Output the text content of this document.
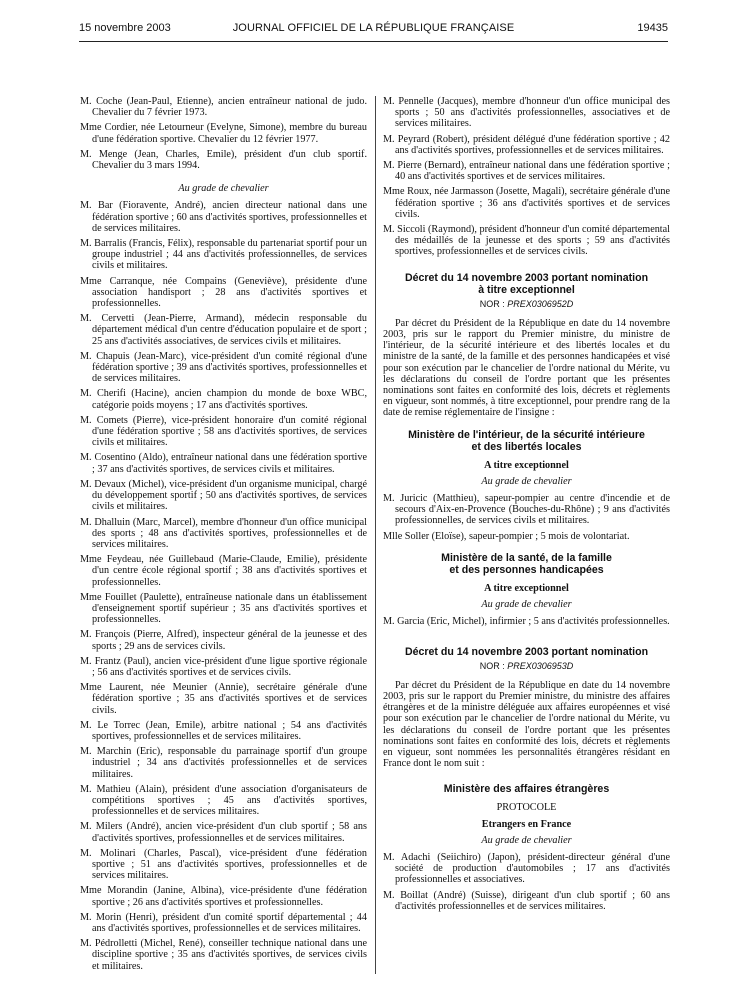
15 novembre 2003	JOURNAL OFFICIEL DE LA RÉPUBLIQUE FRANÇAISE	19435

M. Coche (Jean-Paul, Etienne), ancien entraîneur national de judo. Chevalier du 7 février 1973.

Mme Cordier, née Letourneur (Evelyne, Simone), membre du bureau d'une fédération sportive. Chevalier du 12 février 1977.

M. Menge (Jean, Charles, Emile), président d'un club sportif. Chevalier du 3 mars 1994.

Au grade de chevalier

M. Bar (Fioravente, André), ancien directeur national dans une fédération sportive ; 60 ans d'activités sportives, professionnelles et de services militaires.

M. Barralis (Francis, Félix), responsable du partenariat sportif pour un groupe industriel ; 44 ans d'activités professionnelles, de services civils et militaires.

Mme Carranque, née Compains (Geneviève), présidente d'une association handisport ; 28 ans d'activités sportives et professionnelles.

M. Cervetti (Jean-Pierre, Armand), médecin responsable du département médical d'un centre d'éducation populaire et de sport ; 25 ans d'activités associatives, de services civils et militaires.

M. Chapuis (Jean-Marc), vice-président d'un comité régional d'une fédération sportive ; 39 ans d'activités sportives, professionnelles et de services militaires.

M. Cherifi (Hacine), ancien champion du monde de boxe WBC, catégorie poids moyens ; 17 ans d'activités sportives.

M. Comets (Pierre), vice-président honoraire d'un comité régional d'une fédération sportive ; 58 ans d'activités sportives, de services civils et militaires.

M. Cosentino (Aldo), entraîneur national dans une fédération sportive ; 37 ans d'activités sportives, de services civils et militaires.

M. Devaux (Michel), vice-président d'un organisme municipal, chargé du développement sportif ; 50 ans d'activités sportives, de services civils et militaires.

M. Dhalluin (Marc, Marcel), membre d'honneur d'un office municipal des sports ; 48 ans d'activités sportives, professionnelles et de services militaires.

Mme Feydeau, née Guillebaud (Marie-Claude, Emilie), présidente d'un centre école régional sportif ; 38 ans d'activités sportives et professionnelles.

Mme Fouillet (Paulette), entraîneuse nationale dans un établissement d'enseignement sportif supérieur ; 35 ans d'activités sportives et professionnelles.

M. François (Pierre, Alfred), inspecteur général de la jeunesse et des sports ; 29 ans de services civils.

M. Frantz (Paul), ancien vice-président d'une ligue sportive régionale ; 56 ans d'activités sportives et de services civils.

Mme Laurent, née Meunier (Annie), secrétaire générale d'une fédération sportive ; 35 ans d'activités sportives et de services civils.

M. Le Torrec (Jean, Emile), arbitre national ; 54 ans d'activités sportives, professionnelles et de services militaires.

M. Marchin (Eric), responsable du parrainage sportif d'un groupe industriel ; 34 ans d'activités professionnelles et de services militaires.

M. Mathieu (Alain), président d'une association d'organisateurs de compétitions sportives ; 45 ans d'activités sportives, professionnelles et de services militaires.

M. Milers (André), ancien vice-président d'un club sportif ; 58 ans d'activités sportives, professionnelles et de services militaires.

M. Molinari (Charles, Pascal), vice-président d'une fédération sportive ; 51 ans d'activités sportives, professionnelles et de services militaires.

Mme Morandin (Janine, Albina), vice-présidente d'une fédération sportive ; 26 ans d'activités sportives et professionnelles.

M. Morin (Henri), président d'un comité sportif départemental ; 44 ans d'activités sportives, professionnelles et de services militaires.

M. Pédrolletti (Michel, René), conseiller technique national dans une discipline sportive ; 35 ans d'activités sportives, de services civils et militaires.

M. Pennelle (Jacques), membre d'honneur d'un office municipal des sports ; 50 ans d'activités professionnelles, associatives et de services militaires.

M. Peyrard (Robert), président délégué d'une fédération sportive ; 42 ans d'activités sportives, professionnelles et de services militaires.

M. Pierre (Bernard), entraîneur national dans une fédération sportive ; 40 ans d'activités sportives et de services militaires.

Mme Roux, née Jarmasson (Josette, Magali), secrétaire générale d'une fédération sportive ; 36 ans d'activités sportives et de services civils.

M. Siccoli (Raymond), président d'honneur d'un comité départemental des médaillés de la jeunesse et des sports ; 59 ans d'activités sportives, professionnelles et de services civils.

Décret du 14 novembre 2003 portant nomination
à titre exceptionnel

NOR : PREX0306952D

Par décret du Président de la République en date du 14 novembre 2003, pris sur le rapport du Premier ministre, du ministre de l'intérieur, de la sécurité intérieure et des libertés locales et du ministre de la santé, de la famille et des personnes handicapées et visé pour son exécution par le chancelier de l'ordre national du Mérite, vu les déclarations du conseil de l'ordre portant que les présentes nominations sont faites en conformité des lois, décrets et règlements en vigueur, sont nommés, à titre exceptionnel, pour prendre rang de la date de remise réglementaire de l'insigne :

Ministère de l'intérieur, de la sécurité intérieure
et des libertés locales

A titre exceptionnel

Au grade de chevalier

M. Juricic (Matthieu), sapeur-pompier au centre d'incendie et de secours d'Aix-en-Provence (Bouches-du-Rhône) ; 9 ans d'activités professionnelles, de services civils et militaires.

Mlle Soller (Eloïse), sapeur-pompier ; 5 mois de volontariat.

Ministère de la santé, de la famille
et des personnes handicapées

A titre exceptionnel

Au grade de chevalier

M. Garcia (Eric, Michel), infirmier ; 5 ans d'activités professionnelles.

Décret du 14 novembre 2003 portant nomination

NOR : PREX0306953D

Par décret du Président de la République en date du 14 novembre 2003, pris sur le rapport du Premier ministre, du ministre des affaires étrangères et de la ministre déléguée aux affaires européennes et visé pour son exécution par le chancelier de l'ordre national du Mérite, vu les déclarations du conseil de l'ordre portant que les présentes nominations sont faites en conformité des lois, décrets et règlements en vigueur, sont nommées les personnalités étrangères résidant en France dont le nom suit :

Ministère des affaires étrangères

PROTOCOLE

Etrangers en France

Au grade de chevalier

M. Adachi (Seiichiro) (Japon), président-directeur général d'une société de production d'automobiles ; 17 ans d'activités professionnelles et associatives.

M. Boillat (André) (Suisse), dirigeant d'un club sportif ; 60 ans d'activités professionnelles et de services militaires.
